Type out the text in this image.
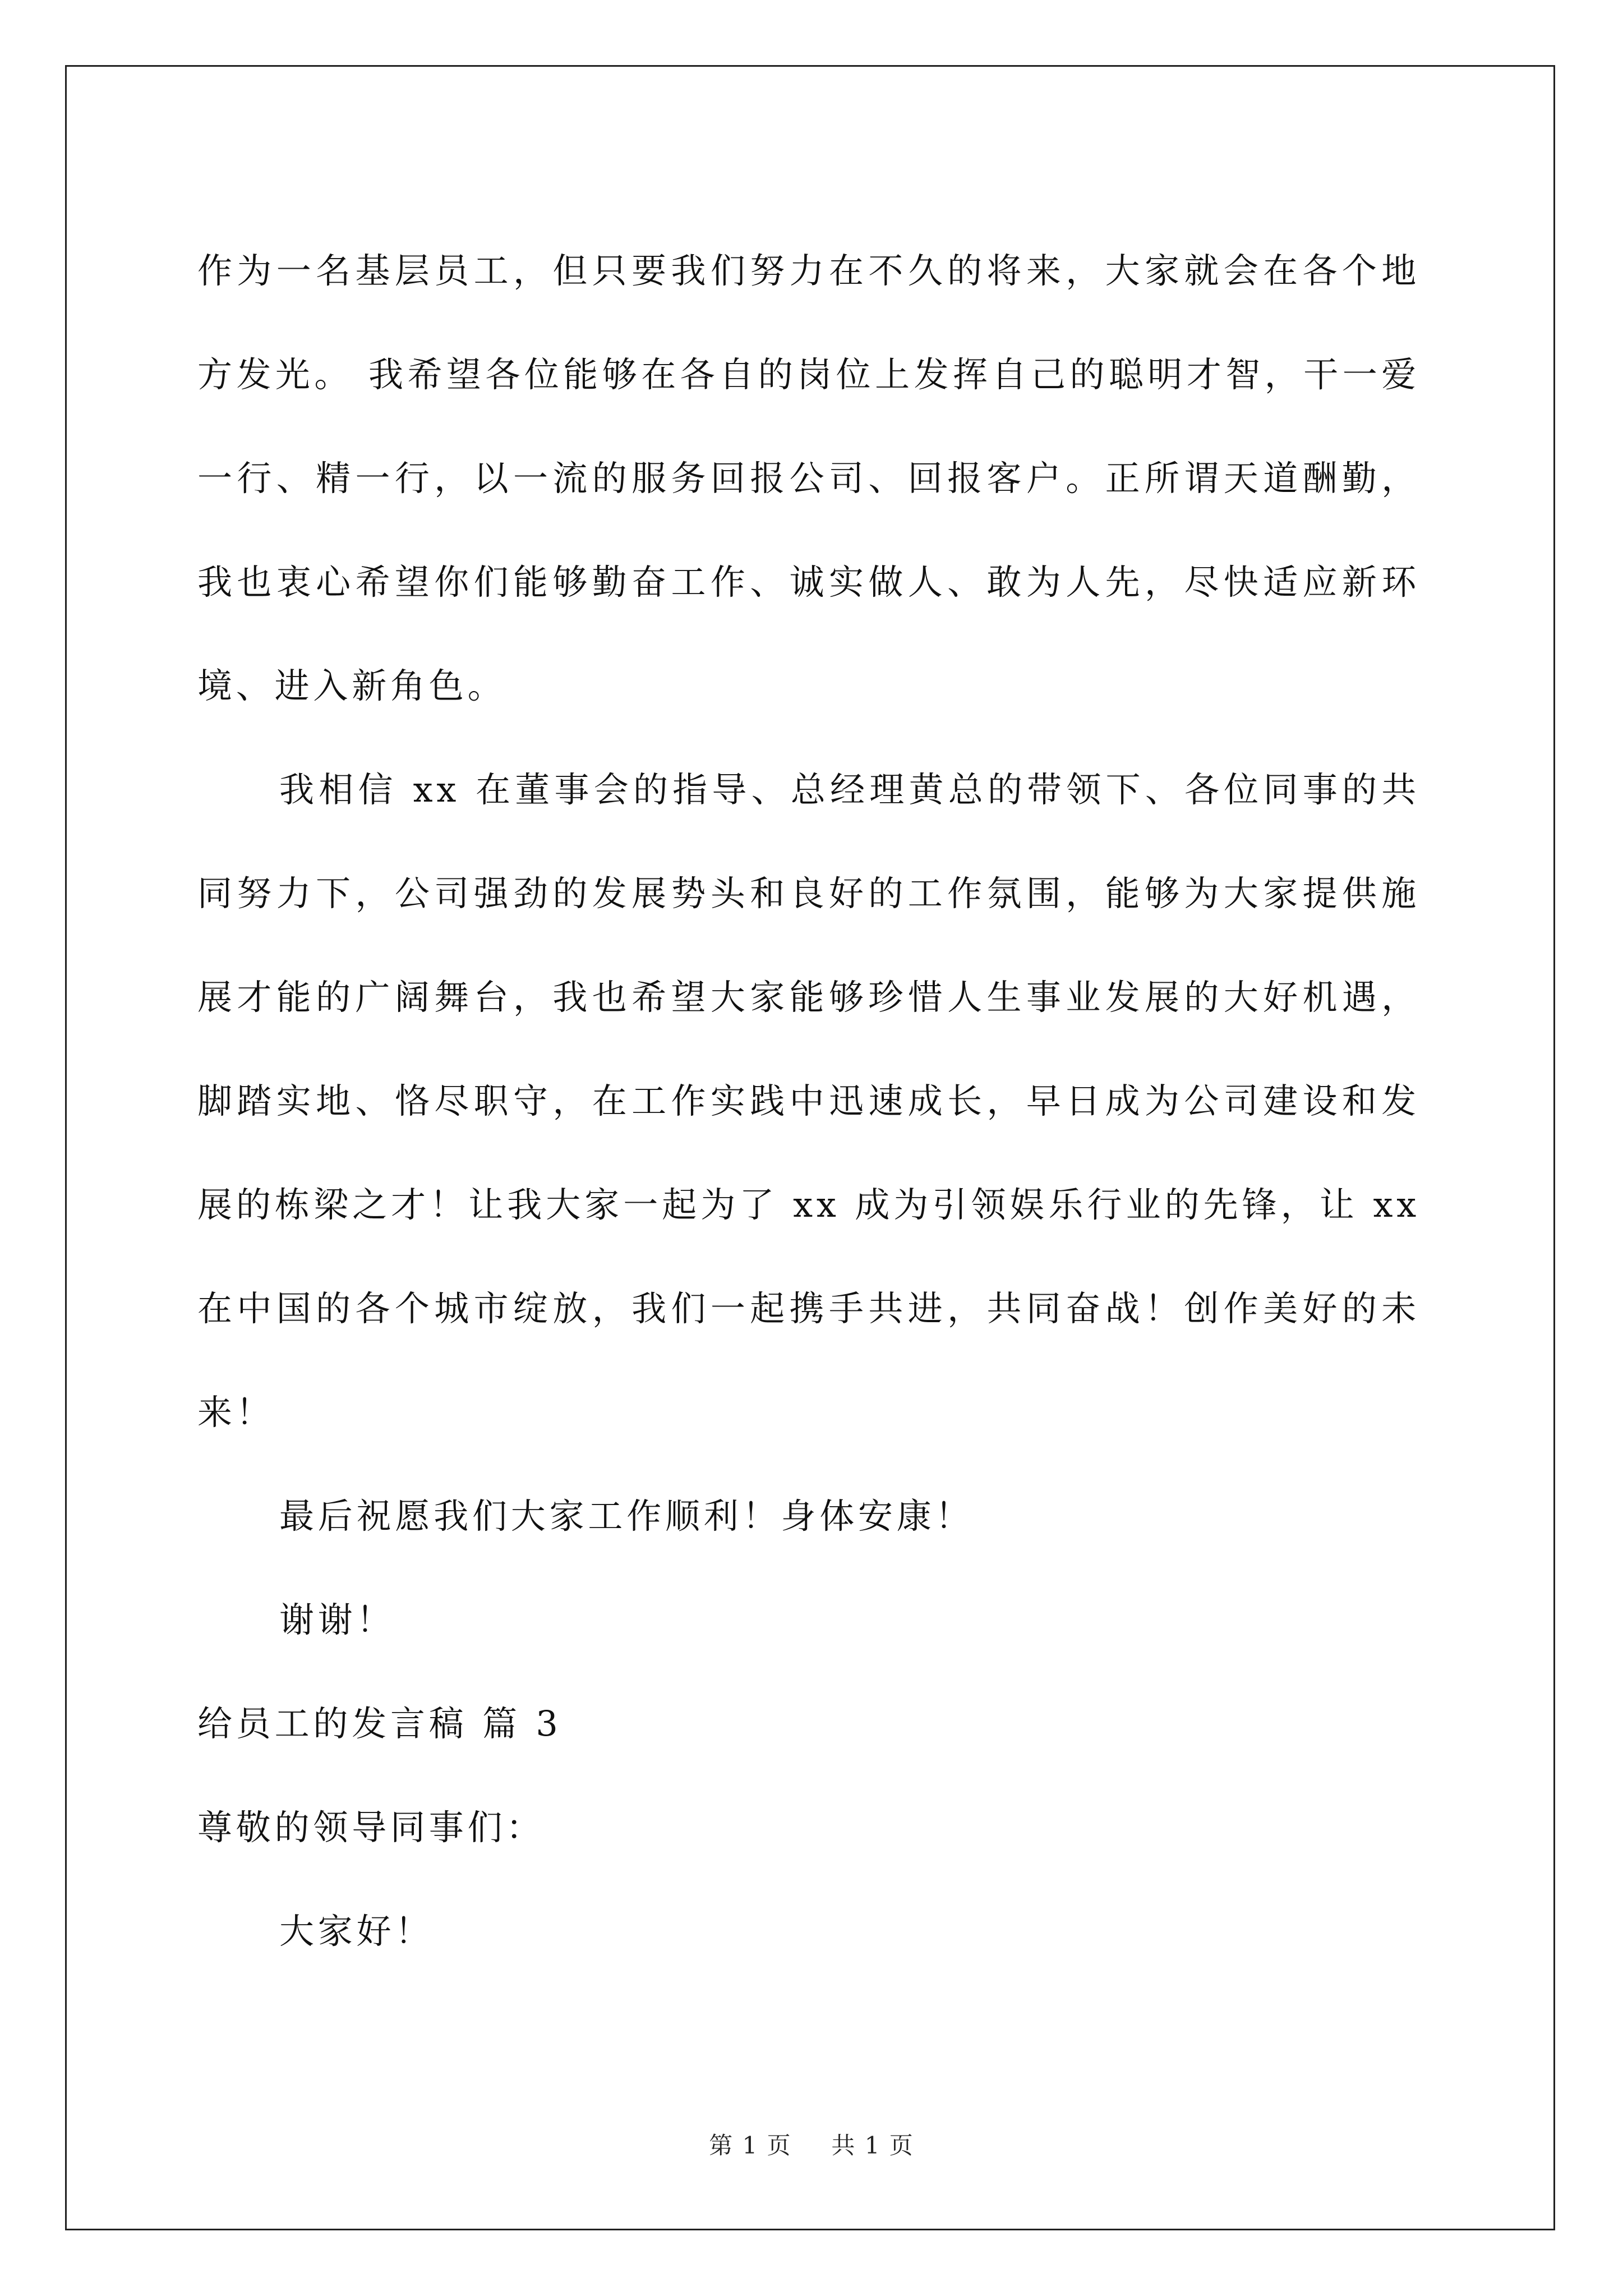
作为一名基层员工，但只要我们努力在不久的将来，大家就会在各个地方发光。 我希望各位能够在各自的岗位上发挥自己的聪明才智，干一爱一行、精一行，以一流的服务回报公司、回报客户。正所谓天道酬勤，我也衷心希望你们能够勤奋工作、诚实做人、敢为人先，尽快适应新环境、进入新角色。

我相信 xx 在董事会的指导、总经理黄总的带领下、各位同事的共同努力下，公司强劲的发展势头和良好的工作氛围，能够为大家提供施展才能的广阔舞台，我也希望大家能够珍惜人生事业发展的大好机遇，脚踏实地、恪尽职守，在工作实践中迅速成长，早日成为公司建设和发展的栋梁之才！让我大家一起为了 xx 成为引领娱乐行业的先锋，让 xx 在中国的各个城市绽放，我们一起携手共进，共同奋战！创作美好的未来！

最后祝愿我们大家工作顺利！身体安康！

谢谢！

给员工的发言稿 篇 3

尊敬的领导同事们：

大家好！

第 1 页 共 1 页
